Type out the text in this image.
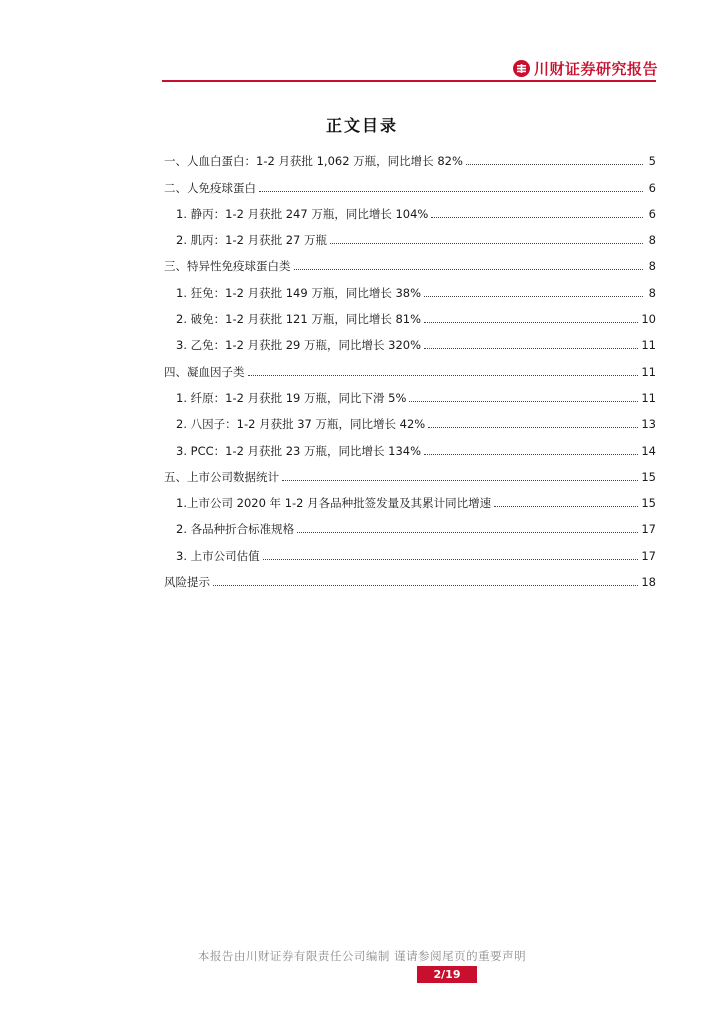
川财证券研究报告
正文目录
一、人血白蛋白：1-2 月获批 1,062 万瓶，同比增长 82%	5
二、人免疫球蛋白	6
1. 静丙：1-2 月获批 247 万瓶，同比增长 104%	6
2. 肌丙：1-2 月获批 27 万瓶	8
三、特异性免疫球蛋白类	8
1. 狂免：1-2 月获批 149 万瓶，同比增长 38%	8
2. 破免：1-2 月获批 121 万瓶，同比增长 81%	10
3. 乙免：1-2 月获批 29 万瓶，同比增长 320%	11
四、凝血因子类	11
1. 纤原：1-2 月获批 19 万瓶，同比下滑 5%	11
2. 八因子：1-2 月获批 37 万瓶，同比增长 42%	13
3. PCC：1-2 月获批 23 万瓶，同比增长 134%	14
五、上市公司数据统计	15
1.上市公司 2020 年 1-2 月各品种批签发量及其累计同比增速	15
2. 各品种折合标准规格	17
3. 上市公司估值	17
风险提示	18
本报告由川财证券有限责任公司编制 谨请参阅尾页的重要声明
2/19
